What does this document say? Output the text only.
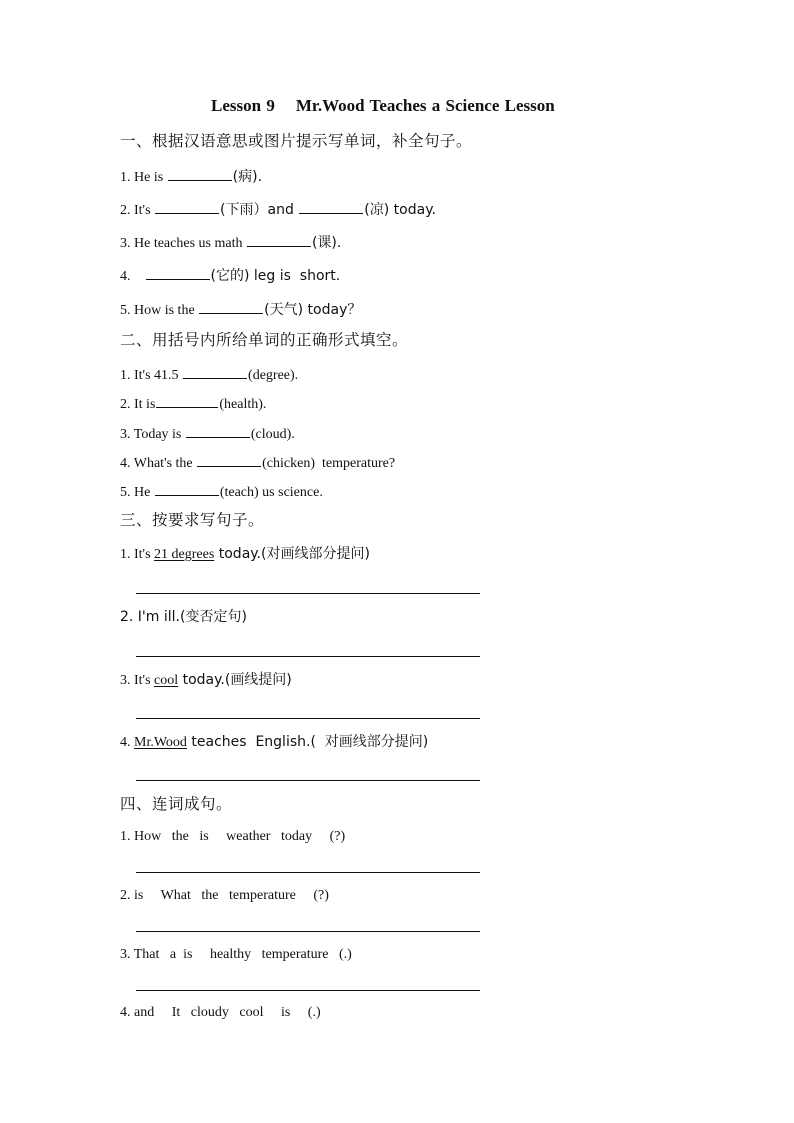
Lesson 9    Mr.Wood Teaches a Science Lesson
一、根据汉语意思或图片提示写单词，补全句子。
1. He is	(病).
2. It's	(下雨）and	(凉) today.
3. He teaches us math	(课).
4.	(它的) leg is  short.
5. How is the	(天气) today？
二、用括号内所给单词的正确形式填空。
1. It's 41.5	(degree).
2. It is	(health).
3. Today is	(cloud).
4. What's the	(chicken)  temperature?
5. He	(teach) us science.
三、按要求写句子。
1. It's 21 degrees today.(对画线部分提问)
2. I'm ill.(变否定句)
3. It's cool today.(画线提问)
4. Mr.Wood teaches  English.(  对画线部分提问)
四、连词成句。
1. How   the   is     weather   today     (?)
2. is     What   the   temperature     (?)
3. That   a  is     healthy   temperature   (.)
4. and     It   cloudy   cool     is     (.)
